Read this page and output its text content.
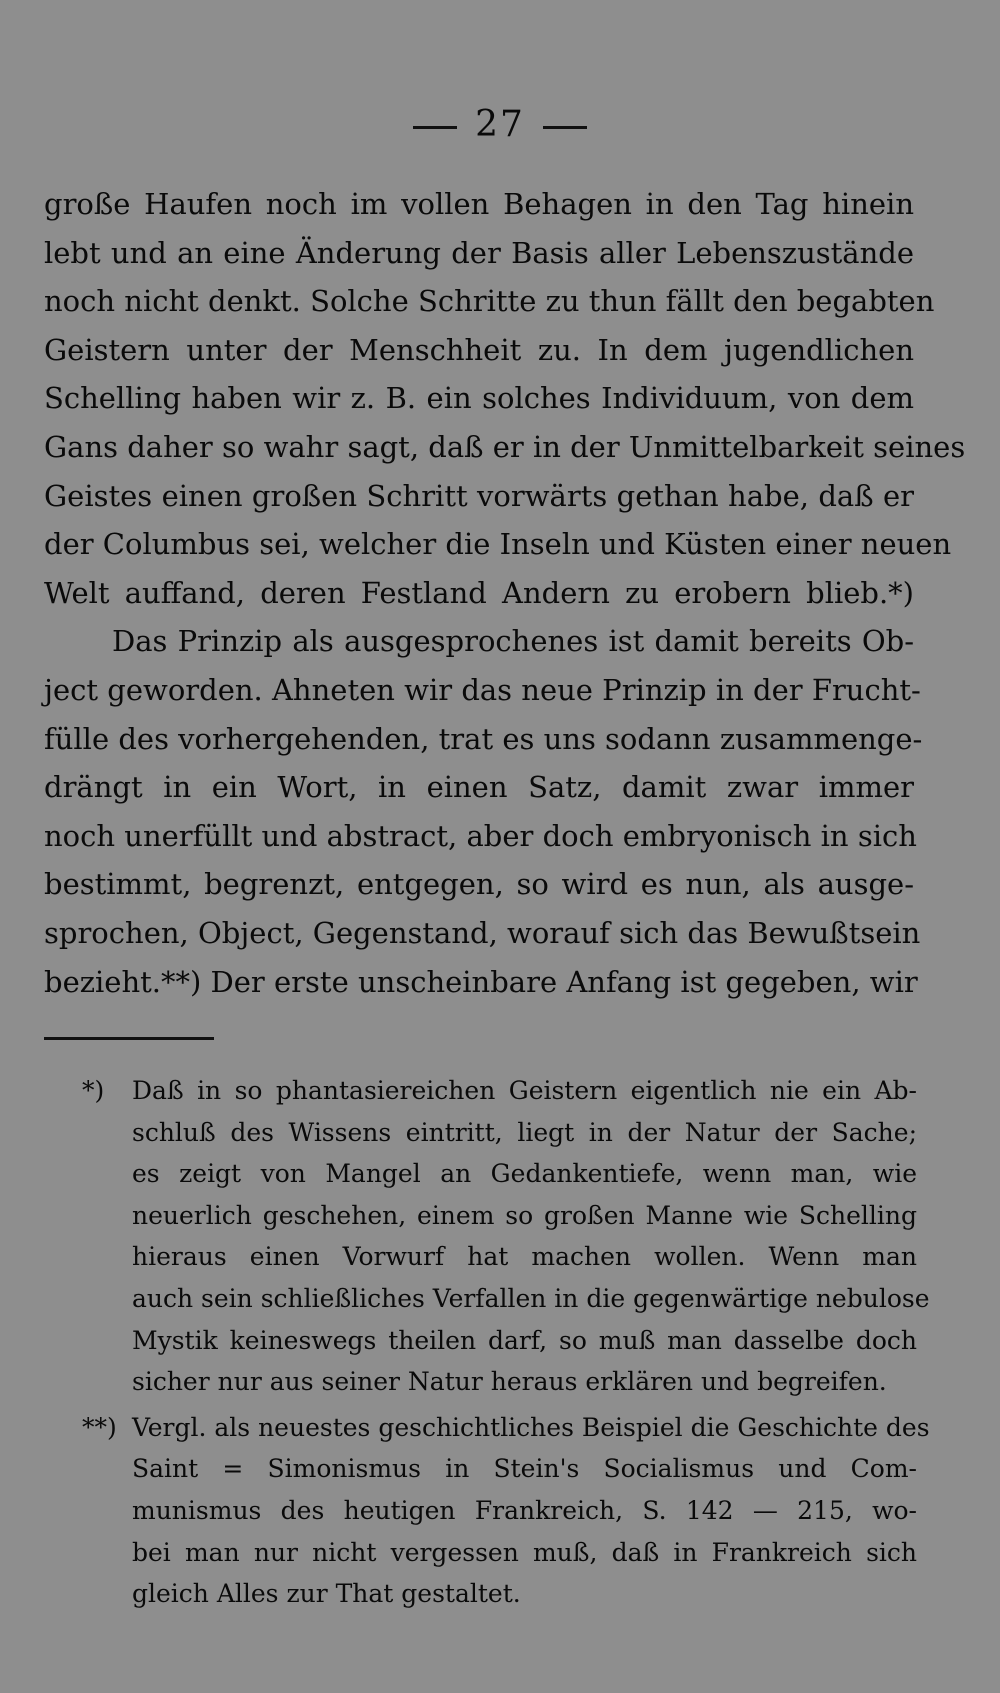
27
große Haufen noch im vollen Behagen in den Tag hinein
lebt und an eine Änderung der Basis aller Lebenszustände
noch nicht denkt. Solche Schritte zu thun fällt den begabten
Geistern unter der Menschheit zu. In dem jugendlichen
Schelling haben wir z. B. ein solches Individuum, von dem
Gans daher so wahr sagt, daß er in der Unmittelbarkeit seines
Geistes einen großen Schritt vorwärts gethan habe, daß er
der Columbus sei, welcher die Inseln und Küsten einer neuen
Welt auffand, deren Festland Andern zu erobern blieb.*)
Das Prinzip als ausgesprochenes ist damit bereits Ob-
ject geworden. Ahneten wir das neue Prinzip in der Frucht-
fülle des vorhergehenden, trat es uns sodann zusammenge-
drängt in ein Wort, in einen Satz, damit zwar immer
noch unerfüllt und abstract, aber doch embryonisch in sich
bestimmt, begrenzt, entgegen, so wird es nun, als ausge-
sprochen, Object, Gegenstand, worauf sich das Bewußtsein
bezieht.**) Der erste unscheinbare Anfang ist gegeben, wir
*) Daß in so phantasiereichen Geistern eigentlich nie ein Ab-
schluß des Wissens eintritt, liegt in der Natur der Sache;
es zeigt von Mangel an Gedankentiefe, wenn man, wie
neuerlich geschehen, einem so großen Manne wie Schelling
hieraus einen Vorwurf hat machen wollen. Wenn man
auch sein schließliches Verfallen in die gegenwärtige nebulose
Mystik keineswegs theilen darf, so muß man dasselbe doch
sicher nur aus seiner Natur heraus erklären und begreifen.
**) Vergl. als neuestes geschichtliches Beispiel die Geschichte des
Saint = Simonismus in Stein's Socialismus und Com-
munismus des heutigen Frankreich, S. 142 — 215, wo-
bei man nur nicht vergessen muß, daß in Frankreich sich
gleich Alles zur That gestaltet.
